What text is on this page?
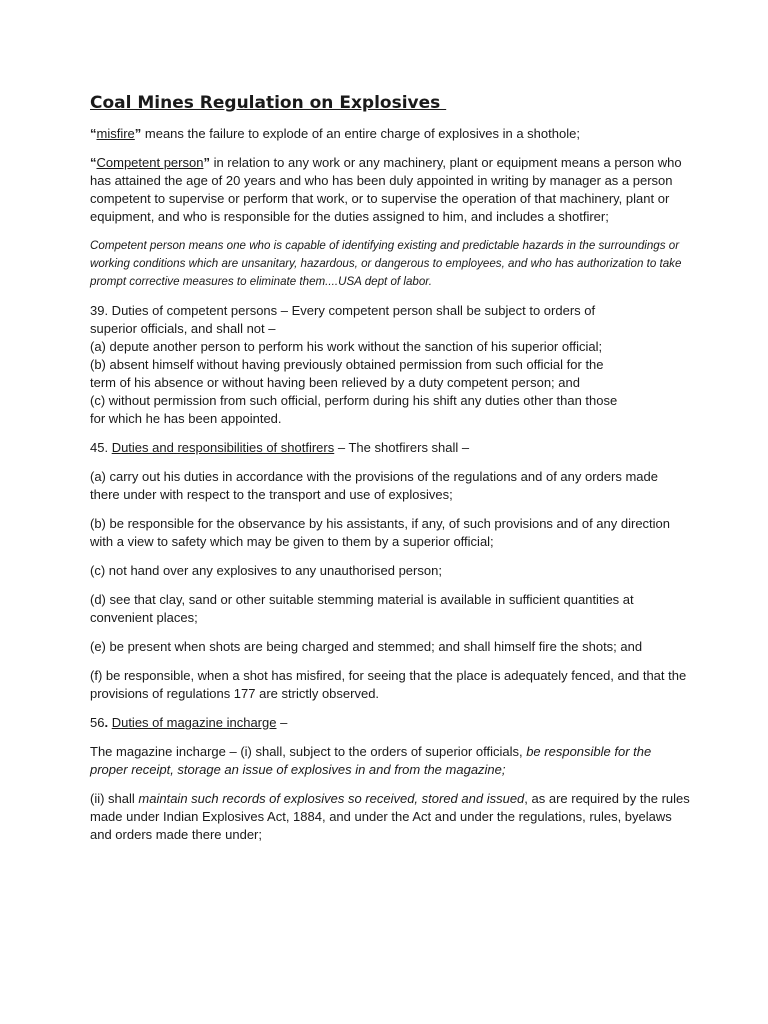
Coal Mines Regulation on Explosives

“misfire” means the failure to explode of an entire charge of explosives in a shothole;

“Competent person” in relation to any work or any machinery, plant or equipment means a person who has attained the age of 20 years and who has been duly appointed in writing by manager as a person competent to supervise or perform that work, or to supervise the operation of that machinery, plant or equipment, and who is responsible for the duties assigned to him, and includes a shotfirer;

Competent person means one who is capable of identifying existing and predictable hazards in the surroundings or working conditions which are unsanitary, hazardous, or dangerous to employees, and who has authorization to take prompt corrective measures to eliminate them....USA dept of labor.

39. Duties of competent persons – Every competent person shall be subject to orders of
superior officials, and shall not –
(a) depute another person to perform his work without the sanction of his superior official;
(b) absent himself without having previously obtained permission from such official for the
term of his absence or without having been relieved by a duty competent person; and
(c) without permission from such official, perform during his shift any duties other than those
for which he has been appointed.

45. Duties and responsibilities of shotfirers – The shotfirers shall –

(a) carry out his duties in accordance with the provisions of the regulations and of any orders made there under with respect to the transport and use of explosives;

(b) be responsible for the observance by his assistants, if any, of such provisions and of any direction with a view to safety which may be given to them by a superior official;

(c) not hand over any explosives to any unauthorised person;

(d) see that clay, sand or other suitable stemming material is available in sufficient quantities at convenient places;

(e) be present when shots are being charged and stemmed; and shall himself fire the shots; and

(f) be responsible, when a shot has misfired, for seeing that the place is adequately fenced, and that the provisions of regulations 177 are strictly observed.

56. Duties of magazine incharge –

The magazine incharge – (i) shall, subject to the orders of superior officials, be responsible for the proper receipt, storage an issue of explosives in and from the magazine;

(ii) shall maintain such records of explosives so received, stored and issued, as are required by the rules made under Indian Explosives Act, 1884, and under the Act and under the regulations, rules, byelaws and orders made there under;
